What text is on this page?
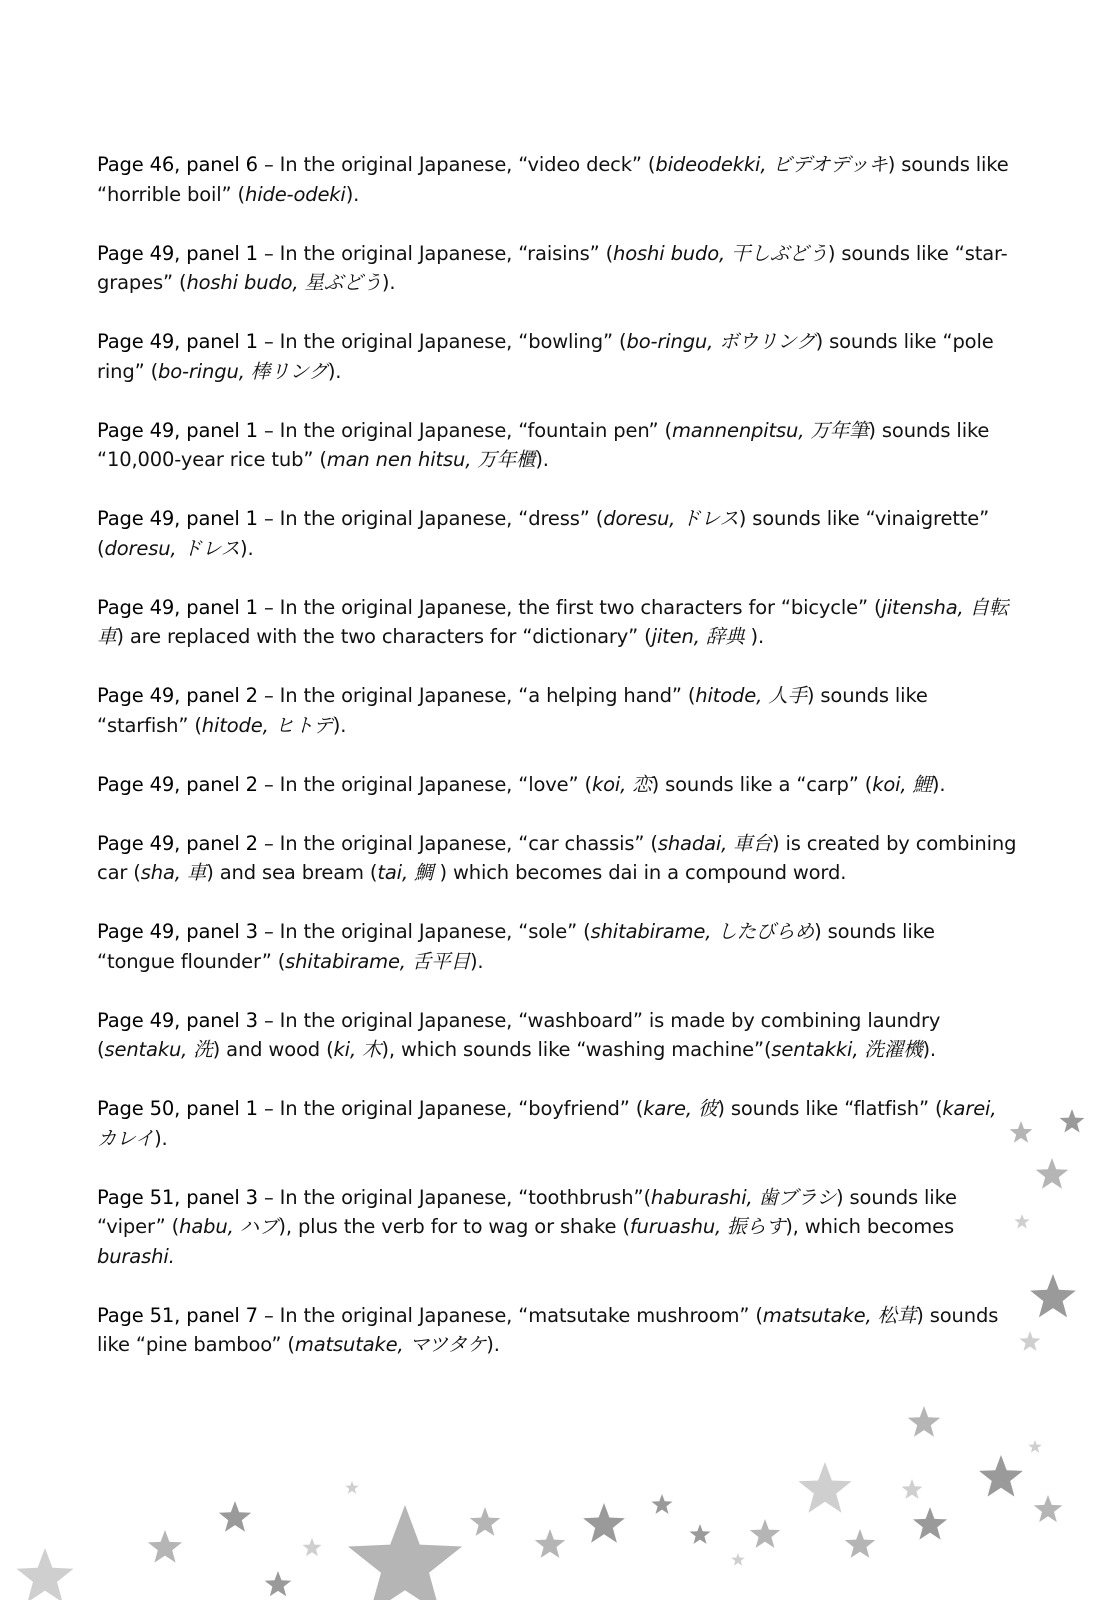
Page 46, panel 6 – In the original Japanese, “video deck” (bideodekki, ビデオデッキ) sounds like “horrible boil” (hide-odeki).

Page 49, panel 1 – In the original Japanese, “raisins” (hoshi budo, 干しぶどう) sounds like “star-grapes” (hoshi budo, 星ぶどう).

Page 49, panel 1 – In the original Japanese, “bowling” (bo-ringu, ボウリング) sounds like “pole ring” (bo-ringu, 棒リング).

Page 49, panel 1 – In the original Japanese, “fountain pen” (mannenpitsu, 万年筆) sounds like “10,000-year rice tub” (man nen hitsu, 万年櫃).

Page 49, panel 1 – In the original Japanese, “dress” (doresu, ドレス) sounds like “vinaigrette” (doresu, ドレス).

Page 49, panel 1 – In the original Japanese, the first two characters for “bicycle” (jitensha, 自転車) are replaced with the two characters for “dictionary” (jiten, 辞典 ).

Page 49, panel 2 – In the original Japanese, “a helping hand” (hitode, 人手) sounds like “starfish” (hitode, ヒトデ).

Page 49, panel 2 – In the original Japanese, “love” (koi, 恋) sounds like a “carp” (koi, 鯉).

Page 49, panel 2 – In the original Japanese, “car chassis” (shadai, 車台) is created by combining car (sha, 車) and sea bream (tai, 鯛 ) which becomes dai in a compound word.

Page 49, panel 3 – In the original Japanese, “sole” (shitabirame, したびらめ) sounds like “tongue flounder” (shitabirame, 舌平目).

Page 49, panel 3 – In the original Japanese, “washboard” is made by combining laundry (sentaku, 洗) and wood (ki, 木), which sounds like “washing machine”(sentakki, 洗濯機).

Page 50, panel 1 – In the original Japanese, “boyfriend” (kare, 彼) sounds like “flatfish” (karei, カレイ).

Page 51, panel 3 – In the original Japanese, “toothbrush”(haburashi, 歯ブラシ) sounds like “viper” (habu, ハブ), plus the verb for to wag or shake (furuashu, 振らす), which becomes burashi.

Page 51, panel 7 – In the original Japanese, “matsutake mushroom” (matsutake, 松茸) sounds like “pine bamboo” (matsutake, マツタケ).
